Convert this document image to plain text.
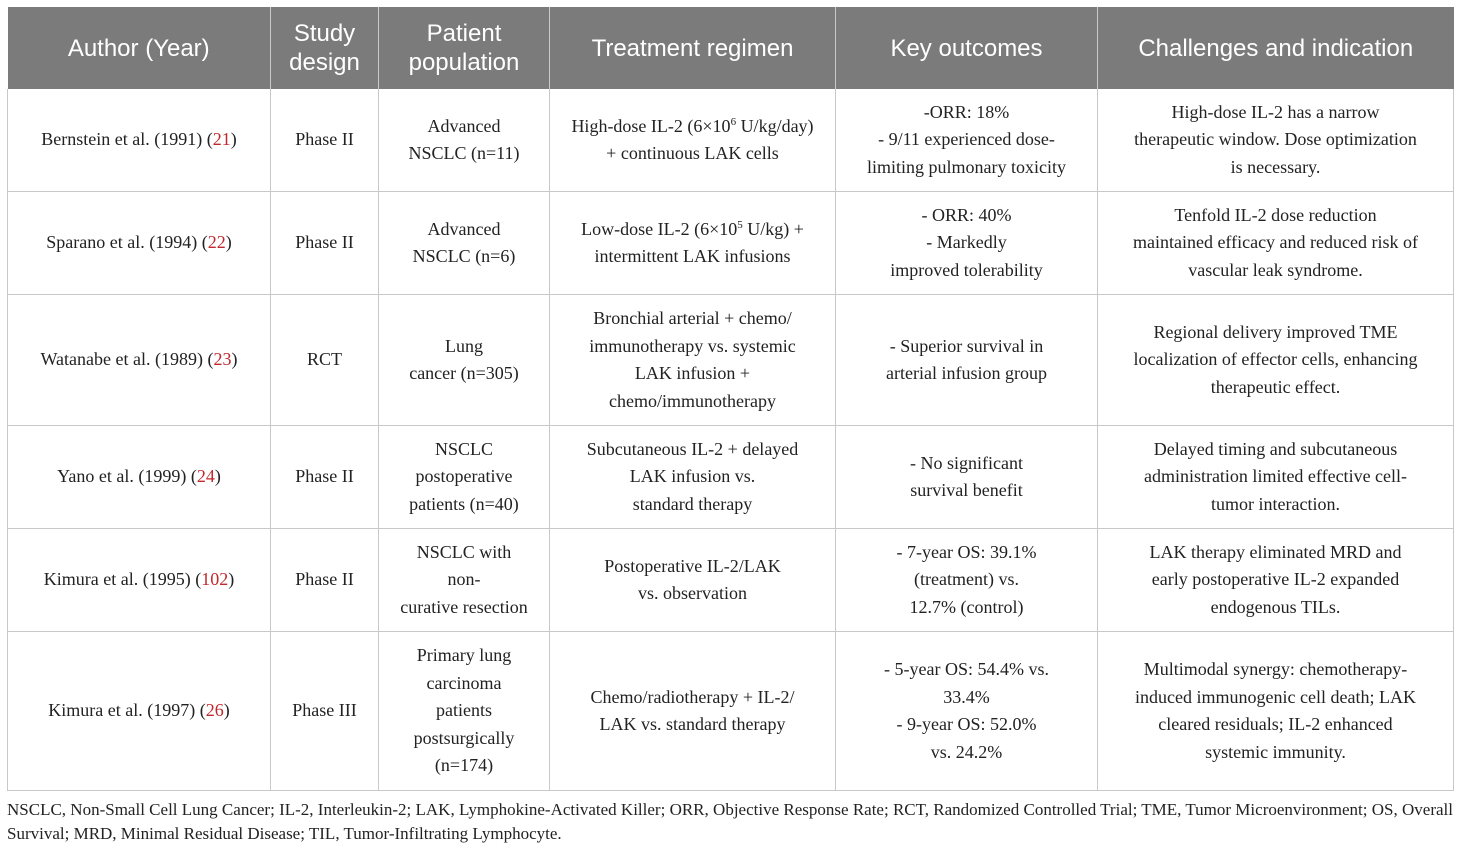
Author (Year)	Study
design	Patient
population	Treatment regimen	Key outcomes	Challenges and indication

Bernstein et al. (1991) (21)	Phase II	Advanced
NSCLC (n=11)	High-dose IL-2 ($6\times 10^6$ U/kg/day)
+ continuous LAK cells	-ORR: 18%
- 9/11 experienced dose-
limiting pulmonary toxicity	High-dose IL-2 has a narrow
therapeutic window. Dose optimization
is necessary.

Sparano et al. (1994) (22)	Phase II	Advanced
NSCLC (n=6)	Low-dose IL-2 ($6\times 10^5$ U/kg) +
intermittent LAK infusions	- ORR: 40%
- Markedly
improved tolerability	Tenfold IL-2 dose reduction
maintained efficacy and reduced risk of
vascular leak syndrome.

Watanabe et al. (1989) (23)	RCT	Lung
cancer (n=305)	Bronchial arterial + chemo/
immunotherapy vs. systemic
LAK infusion +
chemo/immunotherapy	- Superior survival in
arterial infusion group	Regional delivery improved TME
localization of effector cells, enhancing
therapeutic effect.

Yano et al. (1999) (24)	Phase II	NSCLC
postoperative
patients (n=40)	Subcutaneous IL-2 + delayed
LAK infusion vs.
standard therapy	- No significant
survival benefit	Delayed timing and subcutaneous
administration limited effective cell-
tumor interaction.

Kimura et al. (1995) (102)	Phase II	NSCLC with
non-
curative resection	Postoperative IL-2/LAK
vs. observation	- 7-year OS: 39.1%
(treatment) vs.
12.7% (control)	LAK therapy eliminated MRD and
early postoperative IL-2 expanded
endogenous TILs.

Kimura et al. (1997) (26)	Phase III	Primary lung
carcinoma
patients
postsurgically
(n=174)	Chemo/radiotherapy + IL-2/
LAK vs. standard therapy	- 5-year OS: 54.4% vs.
33.4%
- 9-year OS: 52.0%
vs. 24.2%	Multimodal synergy: chemotherapy-
induced immunogenic cell death; LAK
cleared residuals; IL-2 enhanced
systemic immunity.
NSCLC, Non-Small Cell Lung Cancer; IL-2, Interleukin-2; LAK, Lymphokine-Activated Killer; ORR, Objective Response Rate; RCT, Randomized Controlled Trial; TME, Tumor Microenvironment; OS, Overall Survival; MRD, Minimal Residual Disease; TIL, Tumor-Infiltrating Lymphocyte.
